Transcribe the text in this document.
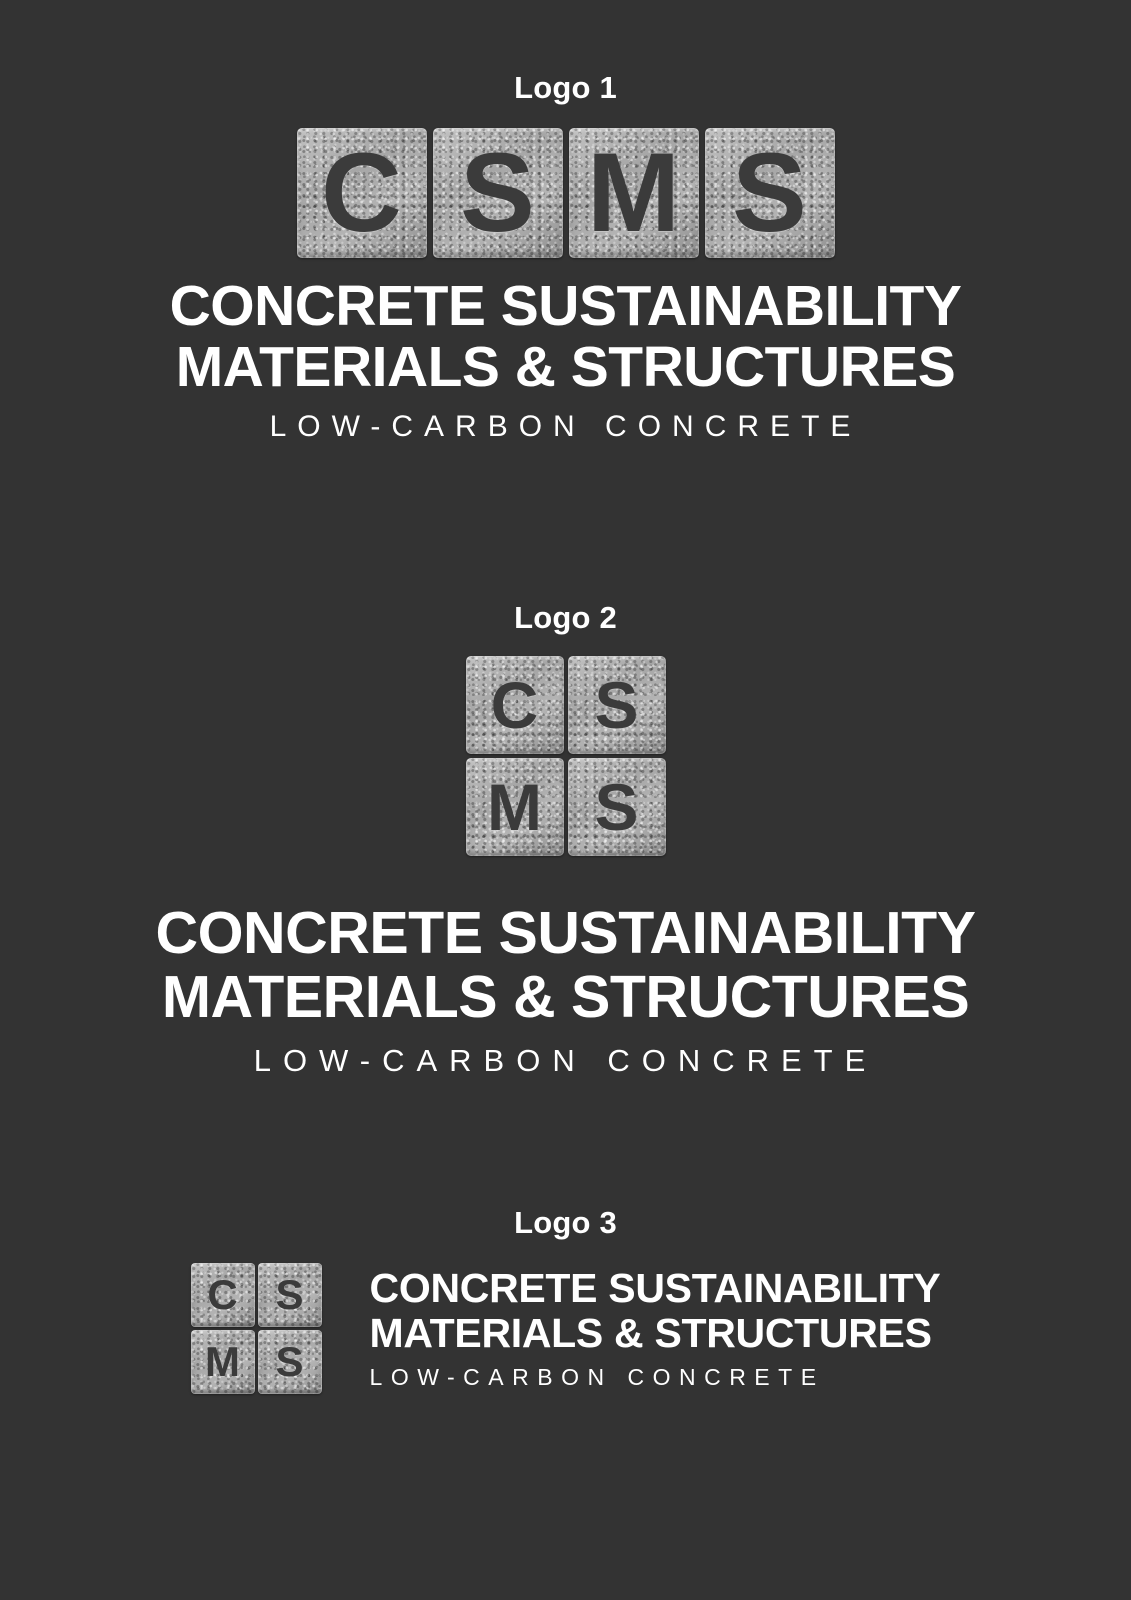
Logo 1
C S M S
CONCRETE SUSTAINABILITY
MATERIALS & STRUCTURES
LOW-CARBON CONCRETE
Logo 2
C S
M S
CONCRETE SUSTAINABILITY
MATERIALS & STRUCTURES
LOW-CARBON CONCRETE
Logo 3
C S
M S
CONCRETE SUSTAINABILITY
MATERIALS & STRUCTURES
LOW-CARBON CONCRETE
